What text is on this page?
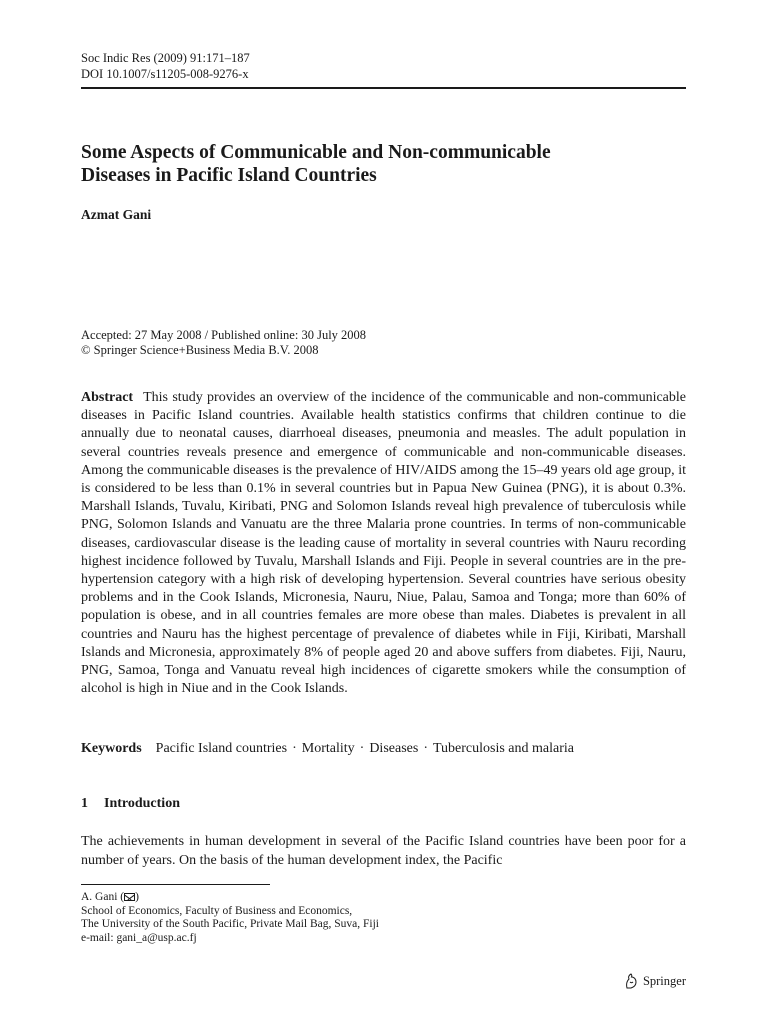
Soc Indic Res (2009) 91:171–187
DOI 10.1007/s11205-008-9276-x
Some Aspects of Communicable and Non-communicable
Diseases in Pacific Island Countries
Azmat Gani
Accepted: 27 May 2008 / Published online: 30 July 2008
© Springer Science+Business Media B.V. 2008

Abstract This study provides an overview of the incidence of the communicable and non-communicable diseases in Pacific Island countries. Available health statistics confirms that children continue to die annually due to neonatal causes, diarrhoeal diseases, pneumonia and measles. The adult population in several countries reveals presence and emergence of communicable and non-communicable diseases. Among the communicable diseases is the prevalence of HIV/AIDS among the 15–49 years old age group, it is considered to be less than 0.1% in several countries but in Papua New Guinea (PNG), it is about 0.3%. Marshall Islands, Tuvalu, Kiribati, PNG and Solomon Islands reveal high prevalence of tuberculosis while PNG, Solomon Islands and Vanuatu are the three Malaria prone countries. In terms of non-communicable diseases, cardiovascular disease is the leading cause of mortality in several countries with Nauru recording highest incidence followed by Tuvalu, Marshall Islands and Fiji. People in several countries are in the pre-hypertension category with a high risk of developing hypertension. Several countries have serious obesity problems and in the Cook Islands, Micronesia, Nauru, Niue, Palau, Samoa and Tonga; more than 60% of population is obese, and in all countries females are more obese than males. Diabetes is prevalent in all countries and Nauru has the highest percentage of prevalence of diabetes while in Fiji, Kiribati, Marshall Islands and Micronesia, approximately 8% of people aged 20 and above suffers from diabetes. Fiji, Nauru, PNG, Samoa, Tonga and Vanuatu reveal high incidences of cigarette smokers while the consumption of alcohol is high in Niue and in the Cook Islands.

Keywords Pacific Island countries · Mortality · Diseases · Tuberculosis and malaria
1 Introduction

The achievements in human development in several of the Pacific Island countries have been poor for a number of years. On the basis of the human development index, the Pacific

A. Gani ( )
School of Economics, Faculty of Business and Economics,
The University of the South Pacific, Private Mail Bag, Suva, Fiji
e-mail: gani_a@usp.ac.fj
Springer
